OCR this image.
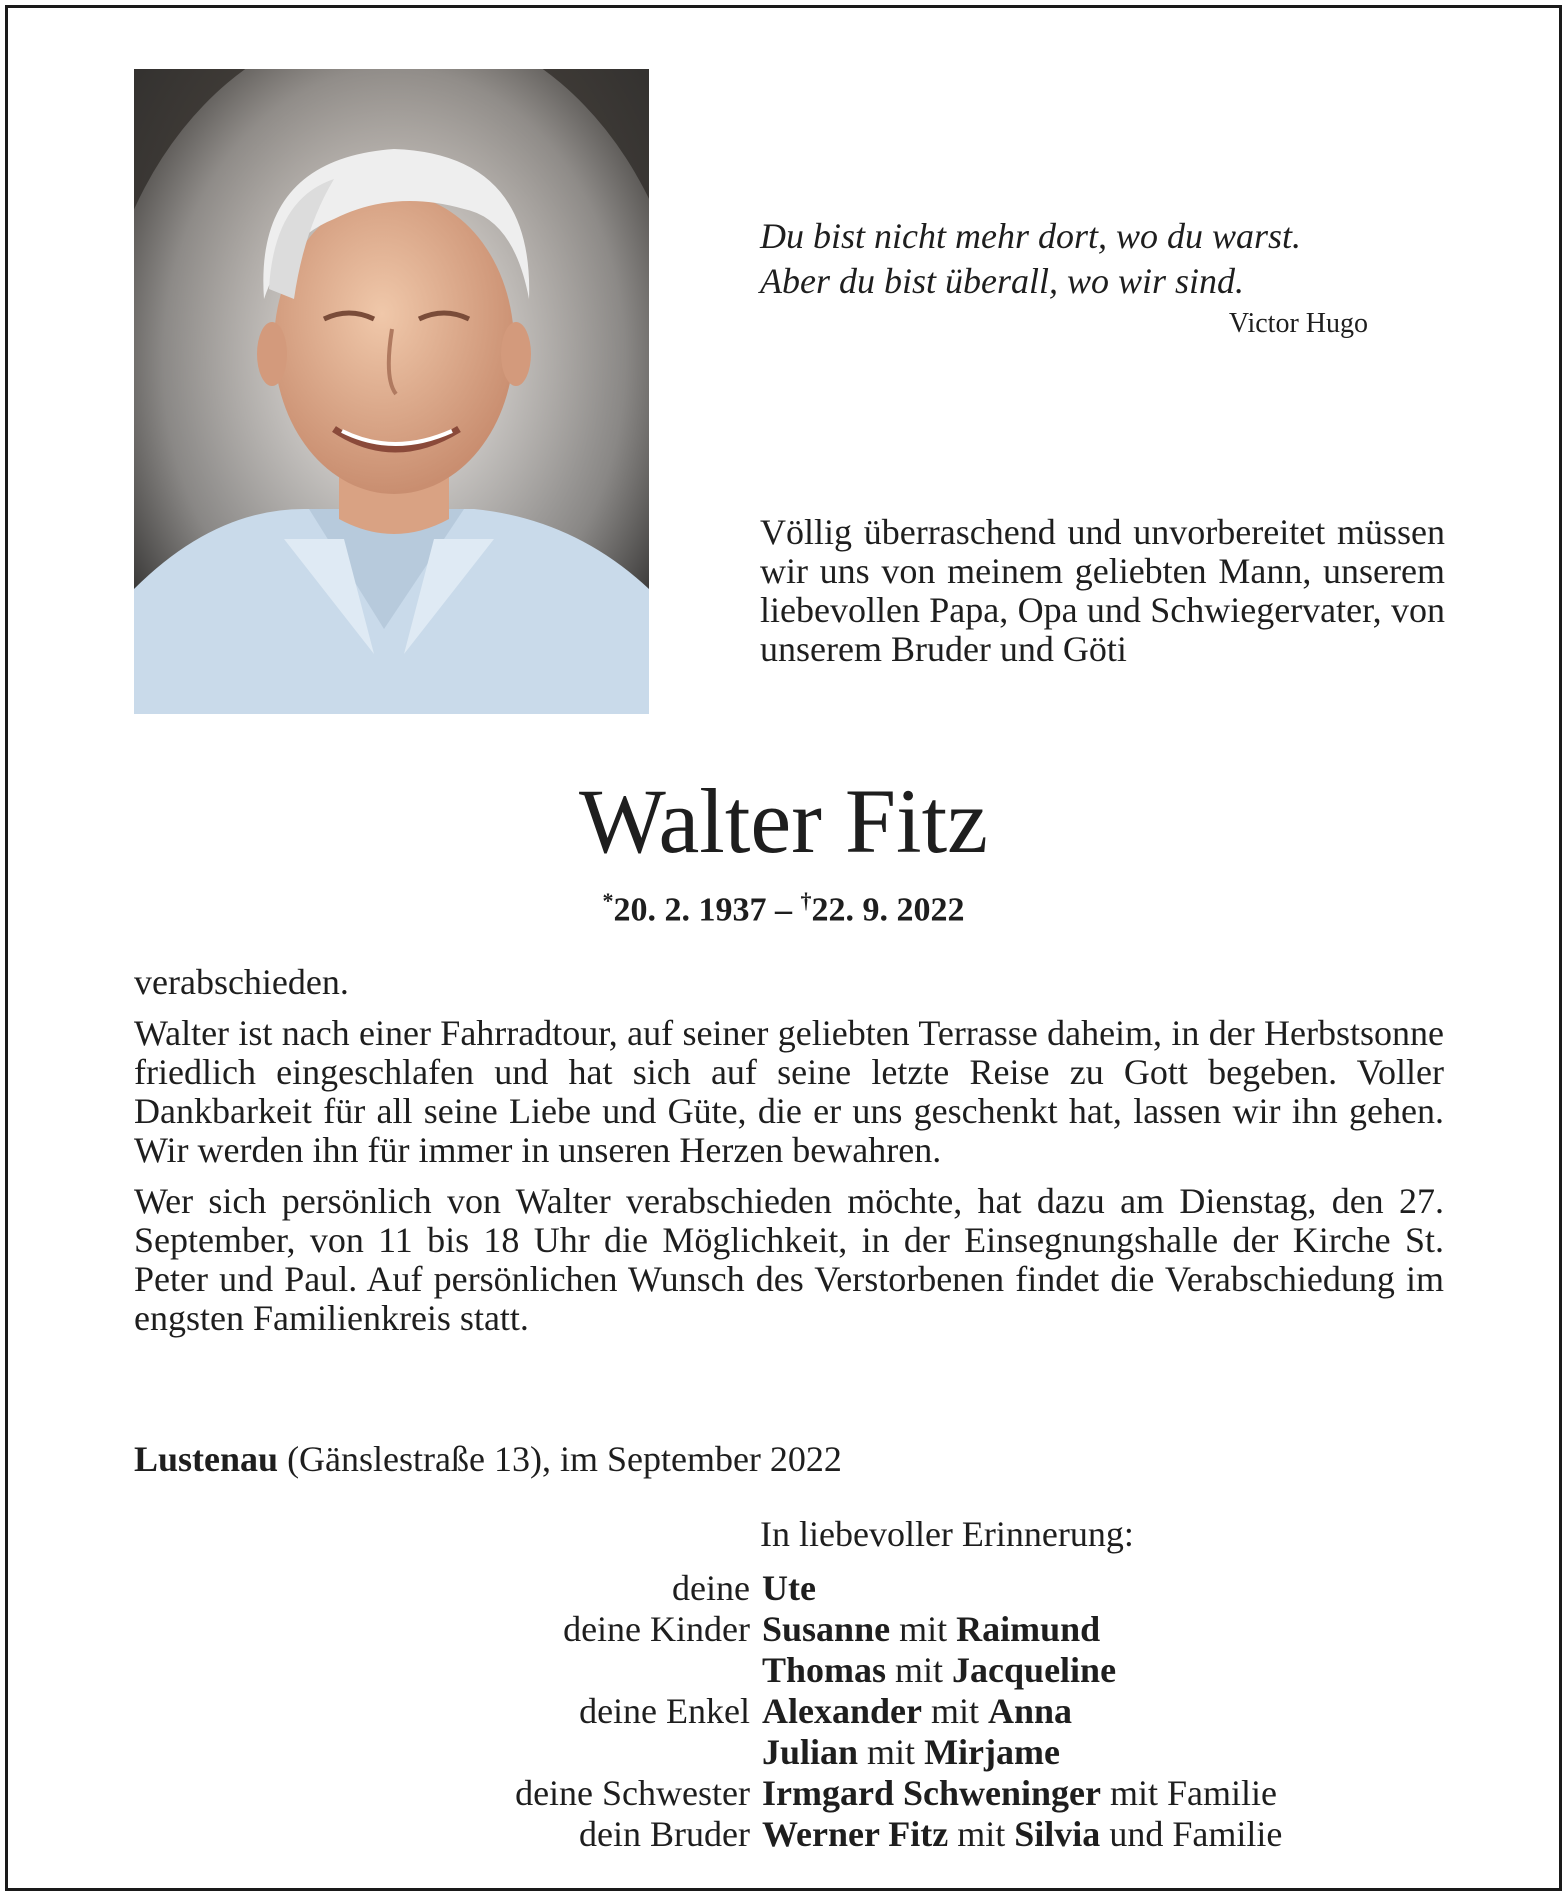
Du bist nicht mehr dort, wo du warst.
Aber du bist überall, wo wir sind.
Victor Hugo
Völlig überraschend und unvorbereitet müssen wir uns von meinem geliebten Mann, unserem liebevollen Papa, Opa und Schwiegervater, von unserem Bruder und Göti
Walter Fitz
*20. 2. 1937 – †22. 9. 2022

verabschieden.

Walter ist nach einer Fahrradtour, auf seiner geliebten Terrasse daheim, in der Herbstsonne friedlich eingeschlafen und hat sich auf seine letzte Reise zu Gott begeben. Voller Dankbarkeit für all seine Liebe und Güte, die er uns geschenkt hat, lassen wir ihn gehen. Wir werden ihn für immer in unseren Herzen bewahren.

Wer sich persönlich von Walter verabschieden möchte, hat dazu am Dienstag, den 27. September, von 11 bis 18 Uhr die Möglichkeit, in der Einsegnungshalle der Kirche St. Peter und Paul. Auf persönlichen Wunsch des Verstorbenen findet die Verabschiedung im engsten Familienkreis statt.

Lustenau (Gänslestraße 13), im September 2022
In liebevoller Erinnerung:
deine Ute
deine Kinder Susanne mit Raimund
Thomas mit Jacqueline
deine Enkel Alexander mit Anna
Julian mit Mirjame
deine Schwester Irmgard Schweninger mit Familie
dein Bruder Werner Fitz mit Silvia und Familie
